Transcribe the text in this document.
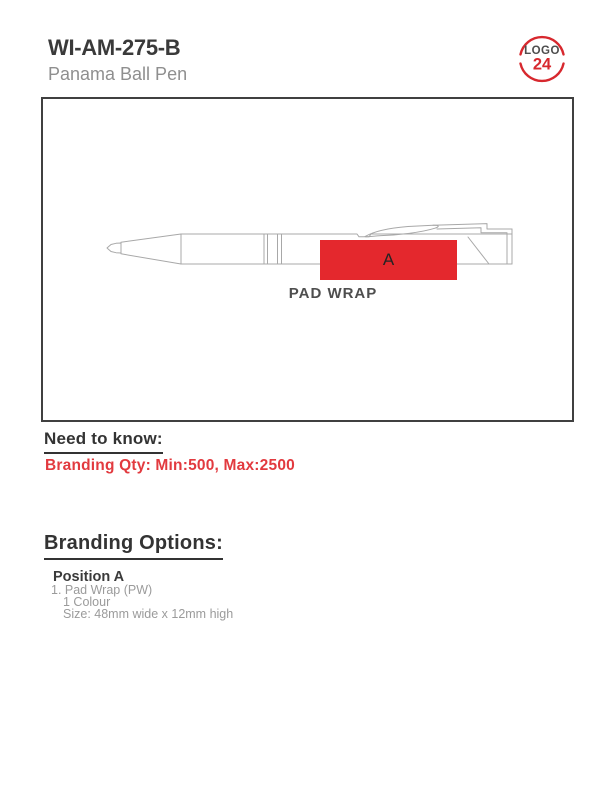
WI-AM-275-B
Panama Ball Pen
LOGO
24
A
PAD WRAP
Need to know:
Branding Qty: Min:500, Max:2500
Branding Options:
Position A
1. Pad Wrap (PW)
1 Colour
Size: 48mm wide x 12mm high
